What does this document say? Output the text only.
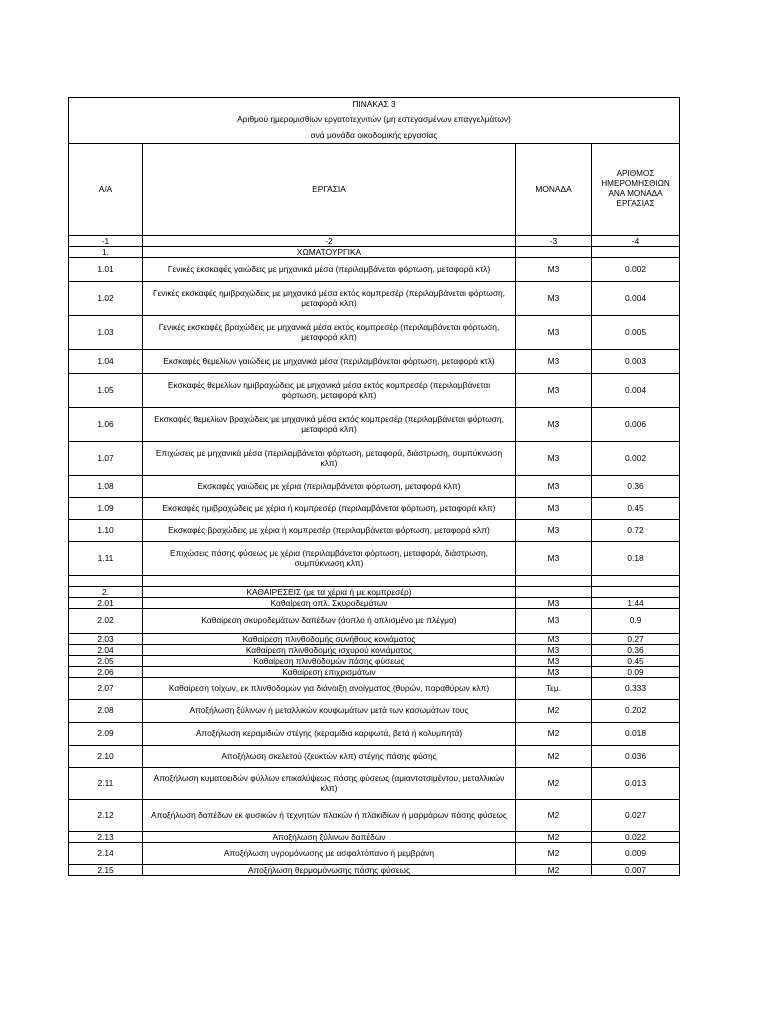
ΠΙΝΑΚΑΣ 3			
Αριθμού ημερομισθίων εργατοτεχνιτών (μη εστεγασμένων επαγγελμάτων)			
ανά μονάδα οικοδομικής εργασίας			
Α/Α	ΕΡΓΑΣΙΑ	ΜΟΝΑΔΑ	ΑΡΙΘΜΟΣ ΗΜΕΡΟΜΗΣΘΙΩΝ ΑΝΑ ΜΟΝΑΔΑ ΕΡΓΑΣΙΑΣ
-1	-2	-3	-4
1.	ΧΩΜΑΤΟΥΡΓΙΚΑ		
1.01	Γενικές εκσκαφές γαιώδεις με μηχανικά μέσα (περιλαμβάνεται φόρτωση, μεταφορά κτλ)	Μ3	0.002
1.02	Γενικές εκσκαφές ημιβραχώδεις με μηχανικά μέσα εκτός κομπρεσέρ (περιλαμβάνεται φόρτωση, μεταφορά κλπ)	Μ3	0.004
1.03	Γενικές εκσκαφές βραχώδεις με μηχανικά μέσα εκτός κομπρεσέρ (περιλαμβάνεται φόρτωση, μεταφορά κλπ)	Μ3	0.005
1.04	Εκσκαφές θεμελίων γαιώδεις με μηχανικά μέσα (περιλαμβάνεται φόρτωση, μεταφορά κτλ)	Μ3	0.003
1.05	Εκσκαφές θεμελίων ημιβραχώδεις με μηχανικά μέσα εκτός κομπρεσέρ (περιλαμβάνεται φόρτωση, μεταφορά κλπ)	Μ3	0.004
1.06	Εκσκαφές θεμελίων βραχώδεις με μηχανικά μέσα εκτός κομπρεσέρ (περιλαμβάνεται φόρτωση, μεταφορά κλπ)	Μ3	0.006
1.07	Επιχώσεις με μηχανικά μέσα (περιλαμβάνεται φόρτωση, μεταφορά, διάστρωση, συμπύκνωση κλπ)	Μ3	0.002
1.08	Εκσκαφές γαιώδεις με χέρια (περιλαμβάνεται φόρτωση, μεταφορά κλπ)	Μ3	0.36
1.09	Εκσκαφές ημιβραχώδεις με χέρια ή κομπρεσέρ (περιλαμβάνεται φόρτωση, μεταφορά κλπ)	Μ3	0.45
1.10	Εκσκαφές βραχώδεις με χέρια ή κομπρεσέρ (περιλαμβάνεται φόρτωση, μεταφορά κλπ)	Μ3	0.72
1.11	Επιχώσεις πάσης φύσεως με χέρια (περιλαμβάνεται φόρτωση, μεταφορά, διάστρωση, συμπύκνωση κλπ)	Μ3	0.18

2.	ΚΑΘΑΙΡΕΣΕΙΣ (με τα χέρια ή με κομπρεσέρ)		
2.01	Καθαίρεση οπλ. Σκυροδεμάτων	Μ3	1.44
2.02	Καθαίρεση σκυροδεμάτων δαπέδων (άοπλο ή οπλισμένο με πλέγμα)	Μ3	0.9
2.03	Καθαίρεση πλινθοδομής συνήθους κονιάματος	Μ3	0.27
2.04	Καθαίρεση πλινθοδομής ισχυρού κονιάματος	Μ3	0.36
2.05	Καθαίρεση πλινθοδομών πάσης φύσεως	Μ3	0.45
2.06	Καθαίρεση επιχρισμάτων	Μ3	0.09
2.07	Καθαίρεση τοίχων, εκ πλινθοδομών για διάνοιξη ανοίγματος (θυρών, παραθύρων κλπ)	Τεμ.	0.333
2.08	Αποξήλωση ξύλινων ή μεταλλικών κουφωμάτων μετά των κασωμάτων τους	Μ2	0.202
2.09	Αποξήλωση κεραμιδιών στέγης (κεραμίδια καρφωτά, βετά ή κολυμπητά)	Μ2	0.018
2.10	Αποξήλωση σκελετού (ζευκτών κλπ) στέγης πάσης φύσης	Μ2	0.036
2.11	Αποξήλωση κυματοειδών φύλλων επικαλύψεως πάσης φύσεως (αμιαντοτσιμέντου, μεταλλικών κλπ)	Μ2	0.013
2.12	Αποξήλωση δαπέδων εκ φυσικών ή τεχνητών πλακών ή πλακιδίων ή μαρμάρων πάσης φύσεως	Μ2	0.027
2.13	Αποξήλωση ξύλινων δαπέδων	Μ2	0.022
2.14	Αποξήλωση υγρομόνωσης με ασφαλτόπανο ή μεμβράνη	Μ2	0.009
2.15	Αποξήλωση θερμομόνωσης πάσης φύσεως	Μ2	0.007
